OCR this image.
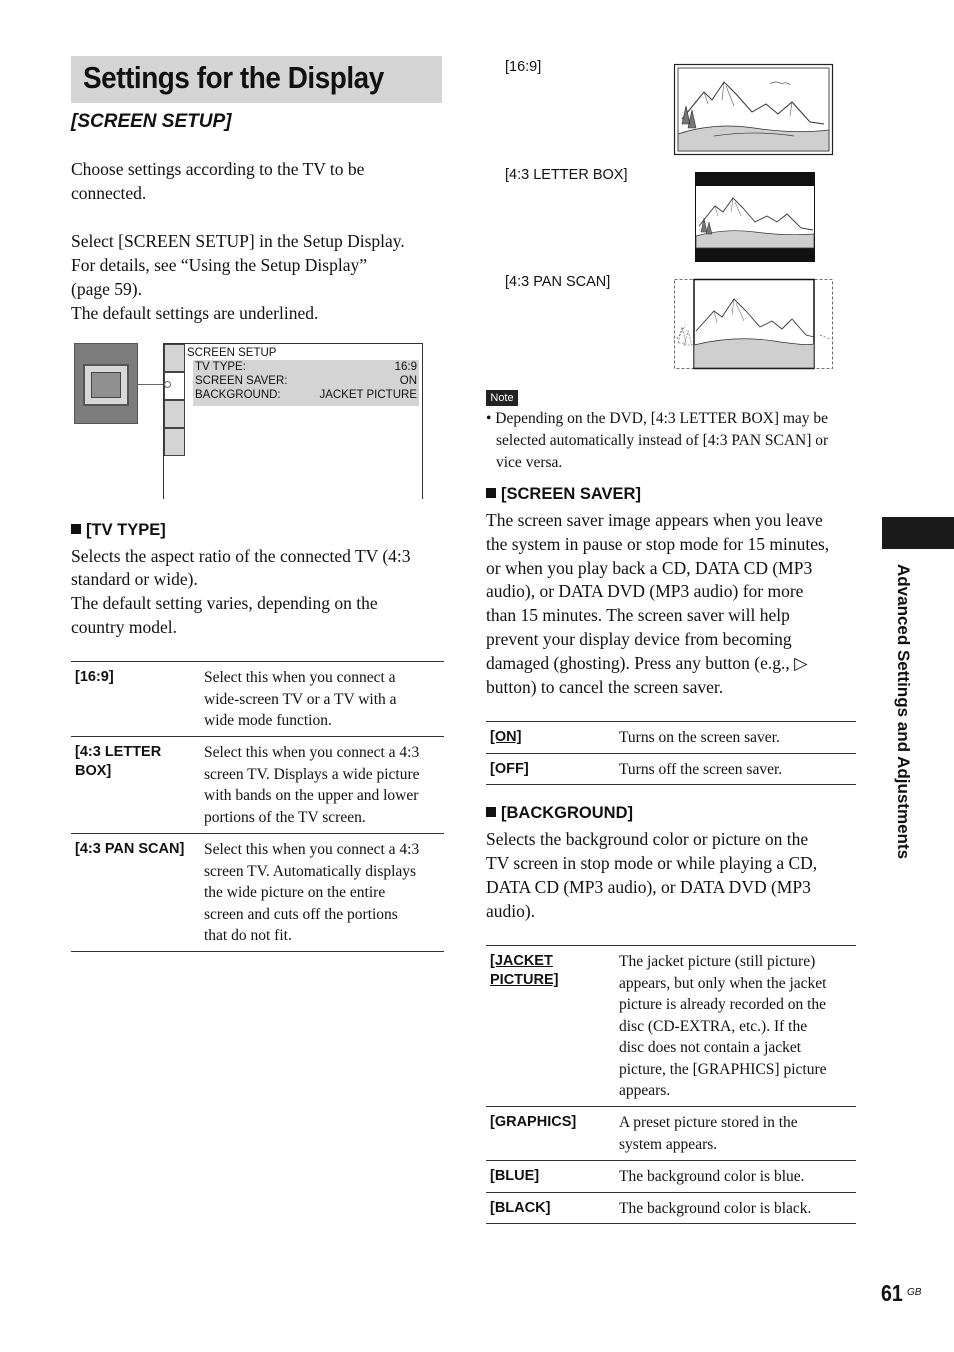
Settings for the Display
[SCREEN SETUP]
Choose settings according to the TV to be
connected.
Select [SCREEN SETUP] in the Setup Display.
For details, see “Using the Setup Display”
(page 59).
The default settings are underlined.
SCREEN SETUP
TV TYPE:	16:9
SCREEN SAVER:	ON
BACKGROUND:	JACKET PICTURE
[TV TYPE]
Selects the aspect ratio of the connected TV (4:3
standard or wide).
The default setting varies, depending on the
country model.
[16:9]	Select this when you connect a
wide-screen TV or a TV with a
wide mode function.
[4:3 LETTER
BOX]
Select this when you connect a 4:3
screen TV. Displays a wide picture
with bands on the upper and lower
portions of the TV screen.
[4:3 PAN SCAN] Select this when you connect a 4:3
screen TV. Automatically displays
the wide picture on the entire
screen and cuts off the portions
that do not fit.
[16:9]
[4:3 LETTER BOX]
[4:3 PAN SCAN]
Note
• Depending on the DVD, [4:3 LETTER BOX] may be
selected automatically instead of [4:3 PAN SCAN] or
vice versa.
[SCREEN SAVER]
The screen saver image appears when you leave
the system in pause or stop mode for 15 minutes,
or when you play back a CD, DATA CD (MP3
audio), or DATA DVD (MP3 audio) for more
than 15 minutes. The screen saver will help
prevent your display device from becoming
damaged (ghosting). Press any button (e.g., ▷
button) to cancel the screen saver.
[ON]	Turns on the screen saver.
[OFF]	Turns off the screen saver.
[BACKGROUND]
Selects the background color or picture on the
TV screen in stop mode or while playing a CD,
DATA CD (MP3 audio), or DATA DVD (MP3
audio).
[JACKET
PICTURE]
The jacket picture (still picture)
appears, but only when the jacket
picture is already recorded on the
disc (CD-EXTRA, etc.). If the
disc does not contain a jacket
picture, the [GRAPHICS] picture
appears.
[GRAPHICS]	A preset picture stored in the
system appears.
[BLUE]	The background color is blue.
[BLACK]	The background color is black.
Advanced Settings and Adjustments
61 GB
